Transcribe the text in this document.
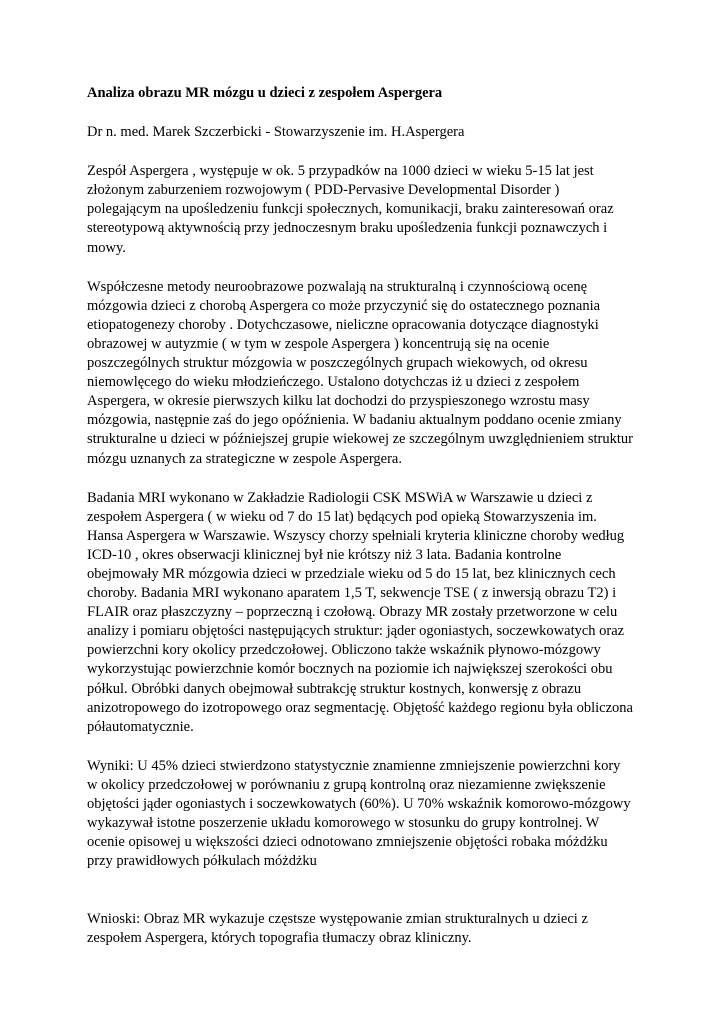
Analiza obrazu MR mózgu u dzieci z zespołem Aspergera

Dr n. med. Marek Szczerbicki - Stowarzyszenie im. H.Aspergera

Zespół Aspergera , występuje w ok. 5 przypadków na 1000 dzieci w wieku 5-15 lat jest
złożonym zaburzeniem rozwojowym ( PDD-Pervasive Developmental Disorder )
polegającym na upośledzeniu funkcji społecznych, komunikacji, braku zainteresowań oraz
stereotypową aktywnością przy jednoczesnym braku upośledzenia funkcji poznawczych i
mowy.

Współczesne metody neuroobrazowe pozwalają na strukturalną i czynnościową ocenę
mózgowia dzieci z chorobą Aspergera co może przyczynić się do ostatecznego poznania
etiopatogenezy choroby . Dotychczasowe, nieliczne opracowania dotyczące diagnostyki
obrazowej w autyzmie ( w tym w zespole Aspergera ) koncentrują się na ocenie
poszczególnych struktur mózgowia w poszczególnych grupach wiekowych, od okresu
niemowlęcego do wieku młodzieńczego. Ustalono dotychczas iż u dzieci z zespołem
Aspergera, w okresie pierwszych kilku lat dochodzi do przyspieszonego wzrostu masy
mózgowia, następnie zaś do jego opóźnienia. W badaniu aktualnym poddano ocenie zmiany
strukturalne u dzieci w późniejszej grupie wiekowej ze szczególnym uwzględnieniem struktur
mózgu uznanych za strategiczne w zespole Aspergera.

Badania MRI wykonano w Zakładzie Radiologii CSK MSWiA w Warszawie u dzieci z
zespołem Aspergera ( w wieku od 7 do 15 lat) będących pod opieką Stowarzyszenia im.
Hansa Aspergera w Warszawie. Wszyscy chorzy spełniali kryteria kliniczne choroby według
ICD-10 , okres obserwacji klinicznej był nie krótszy niż 3 lata. Badania kontrolne
obejmowały MR mózgowia dzieci w przedziale wieku od 5 do 15 lat, bez klinicznych cech
choroby. Badania MRI wykonano aparatem 1,5 T, sekwencje TSE ( z inwersją obrazu T2) i
FLAIR oraz płaszczyzny – poprzeczną i czołową. Obrazy MR zostały przetworzone w celu
analizy i pomiaru objętości następujących struktur: jąder ogoniastych, soczewkowatych oraz
powierzchni kory okolicy przedczołowej. Obliczono także wskaźnik płynowo-mózgowy
wykorzystując powierzchnie komór bocznych na poziomie ich największej szerokości obu
półkul. Obróbki danych obejmował subtrakcję struktur kostnych, konwersję z obrazu
anizotropowego do izotropowego oraz segmentację. Objętość każdego regionu była obliczona
półautomatycznie.

Wyniki: U 45% dzieci stwierdzono statystycznie znamienne zmniejszenie powierzchni kory
w okolicy przedczołowej w porównaniu z grupą kontrolną oraz niezamienne zwiększenie
objętości jąder ogoniastych i soczewkowatych (60%). U 70% wskaźnik komorowo-mózgowy
wykazywał istotne poszerzenie układu komorowego w stosunku do grupy kontrolnej. W
ocenie opisowej u większości dzieci odnotowano zmniejszenie objętości robaka móżdżku
przy prawidłowych półkulach móżdżku

Wnioski: Obraz MR wykazuje częstsze występowanie zmian strukturalnych u dzieci z
zespołem Aspergera, których topografia tłumaczy obraz kliniczny.
